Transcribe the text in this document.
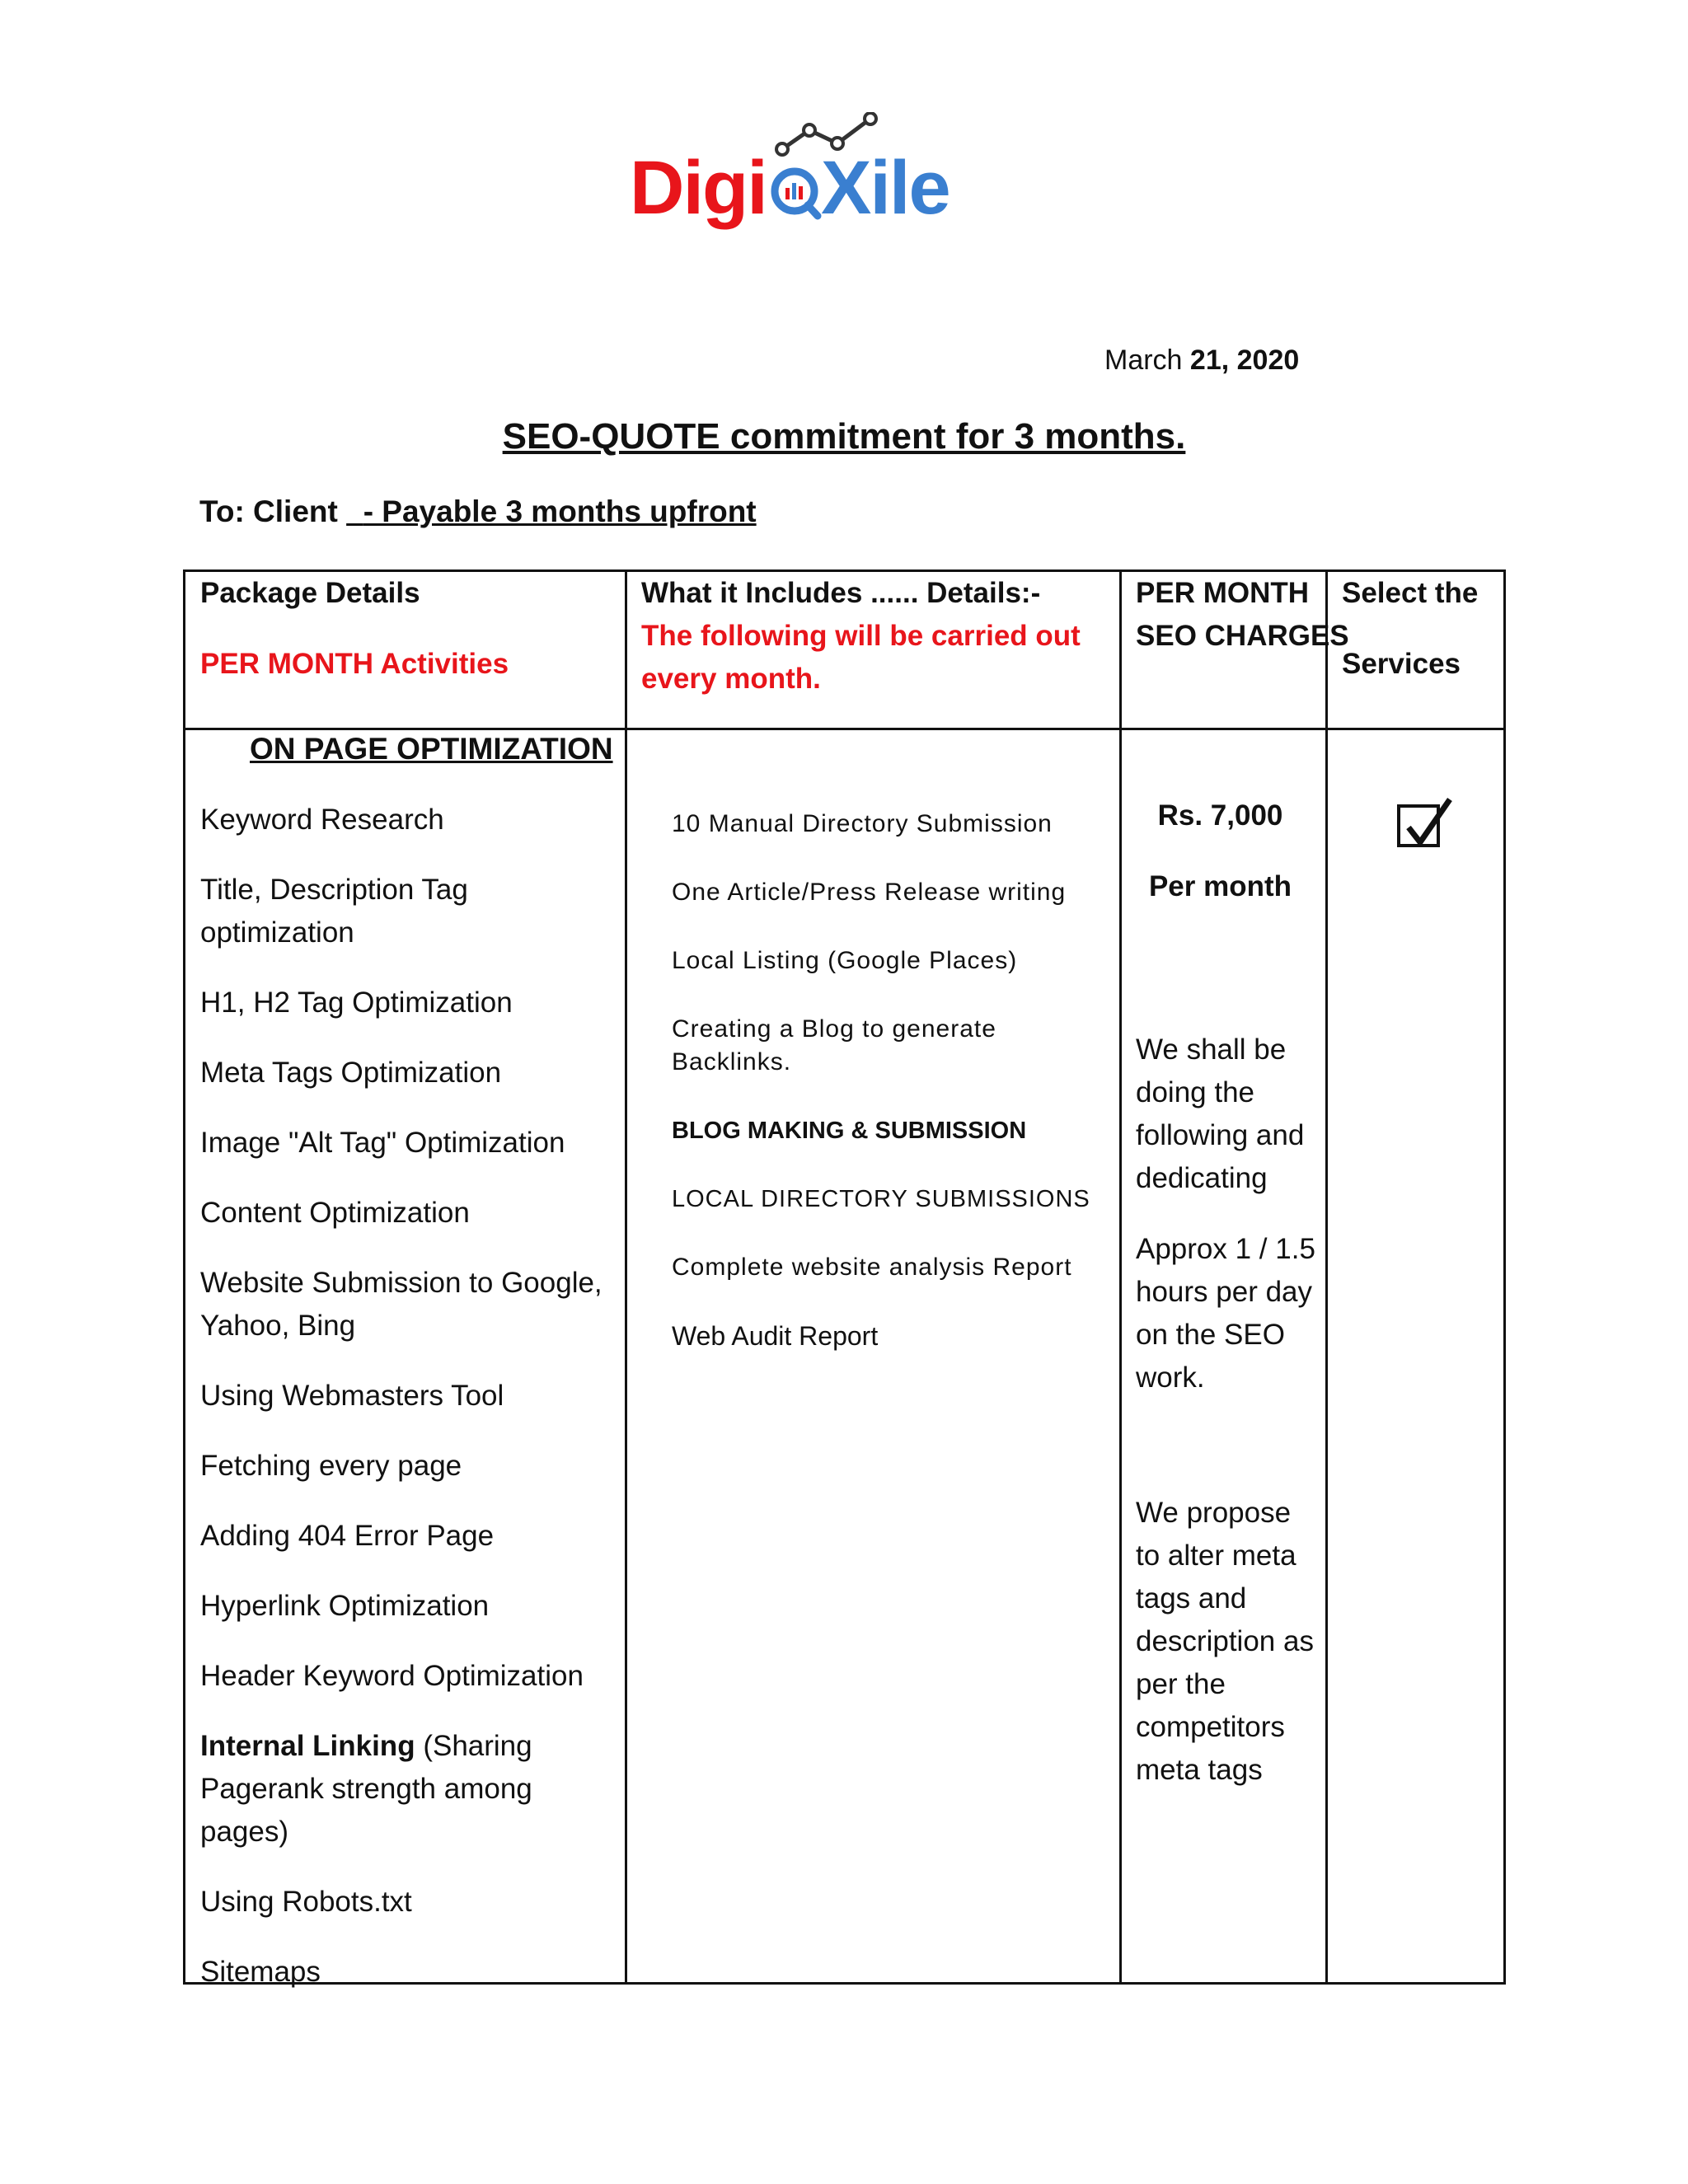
Digi Xile
March 21, 2020
SEO-QUOTE commitment for 3 months.
To: Client - Payable 3 months upfront
Package Details
PER MONTH Activities
What it Includes ...... Details:-
The following will be carried out every month.
PER MONTH
SEO CHARGES
Select the
Services
ON PAGE OPTIMIZATION
Keyword Research
Title, Description Tag optimization
H1, H2 Tag Optimization
Meta Tags Optimization
Image "Alt Tag" Optimization
Content Optimization
Website Submission to Google, Yahoo, Bing
Using Webmasters Tool
Fetching every page
Adding 404 Error Page
Hyperlink Optimization
Header Keyword Optimization
Internal Linking (Sharing Pagerank strength among pages)
Using Robots.txt
Sitemaps
10 Manual Directory Submission
One Article/Press Release writing
Local Listing (Google Places)
Creating a Blog to generate Backlinks.
BLOG MAKING & SUBMISSION
LOCAL DIRECTORY SUBMISSIONS
Complete website analysis Report
Web Audit Report
Rs. 7,000
Per month
We shall be doing the following and dedicating
Approx 1 / 1.5 hours per day on the SEO work.
We propose to alter meta tags and description as per the competitors meta tags
